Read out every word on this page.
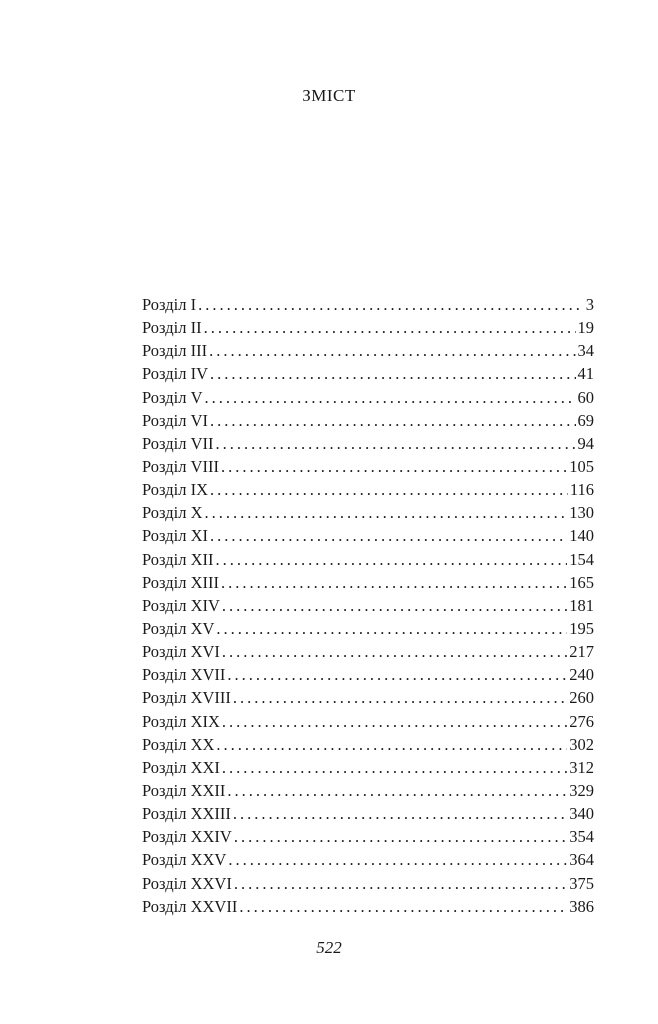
ЗМІСТ
Розділ I .....	3
Розділ II .....	19
Розділ III .....	34
Розділ IV .....	41
Розділ V .....	60
Розділ VI .....	69
Розділ VII .....	94
Розділ VIII .....	105
Розділ IX .....	116
Розділ X .....	130
Розділ XI .....	140
Розділ XII .....	154
Розділ XIII .....	165
Розділ XIV .....	181
Розділ XV .....	195
Розділ XVI .....	217
Розділ XVII .....	240
Розділ XVIII .....	260
Розділ XIX .....	276
Розділ XX .....	302
Розділ XXI .....	312
Розділ XXII .....	329
Розділ XXIII .....	340
Розділ XXIV .....	354
Розділ XXV .....	364
Розділ XXVI .....	375
Розділ XXVII .....	386
522
